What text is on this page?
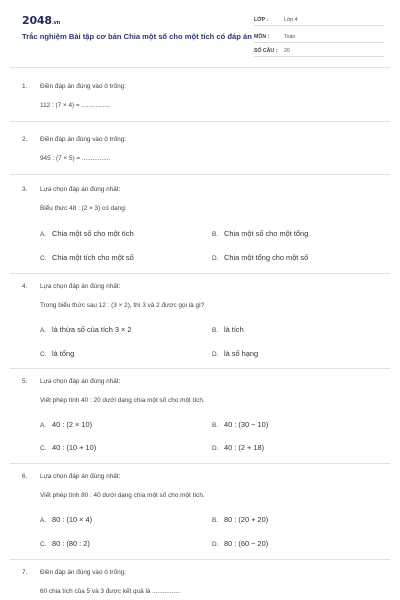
2048.vn
Trắc nghiệm Bài tập cơ bản Chia một số cho một tích có đáp án
LỚP :	Lớp 4
MÔN :	Toán
SỐ CÂU : 20
1. Điền đáp án đúng vào ô trống:
112 : (7 × 4) = ................
2. Điền đáp án đúng vào ô trống:
945 : (7 × 5) = ................
3. Lựa chọn đáp án đúng nhất:
Biểu thức 48 : (2 × 3) có dạng:
A. Chia một số cho một tích	B. Chia một số cho một tổng
C. Chia một tích cho một số	D. Chia một tổng cho một số
4. Lựa chọn đáp án đúng nhất:
Trong biểu thức sau 12 : (3 × 2), thì 3 và 2 được gọi là gì?
A. là thừa số của tích 3 × 2	B. là tích
C. là tổng	D. là số hạng
5. Lựa chọn đáp án đúng nhất:
Viết phép tính 40 : 20 dưới dạng chia một số cho một tích.
A. 40 : (2 × 10)	B. 40 : (30 − 10)
C. 40 : (10 + 10)	D. 40 : (2 + 18)
6. Lựa chọn đáp án đúng nhất:
Viết phép tính 80 : 40 dưới dạng chia một số cho một tích.
A. 80 : (10 × 4)	B. 80 : (20 + 20)
C. 80 : (80 : 2)	D. 80 : (60 − 20)
7. Điền đáp án đúng vào ô trống:
60 chia tích của 5 và 3 được kết quả là ................
